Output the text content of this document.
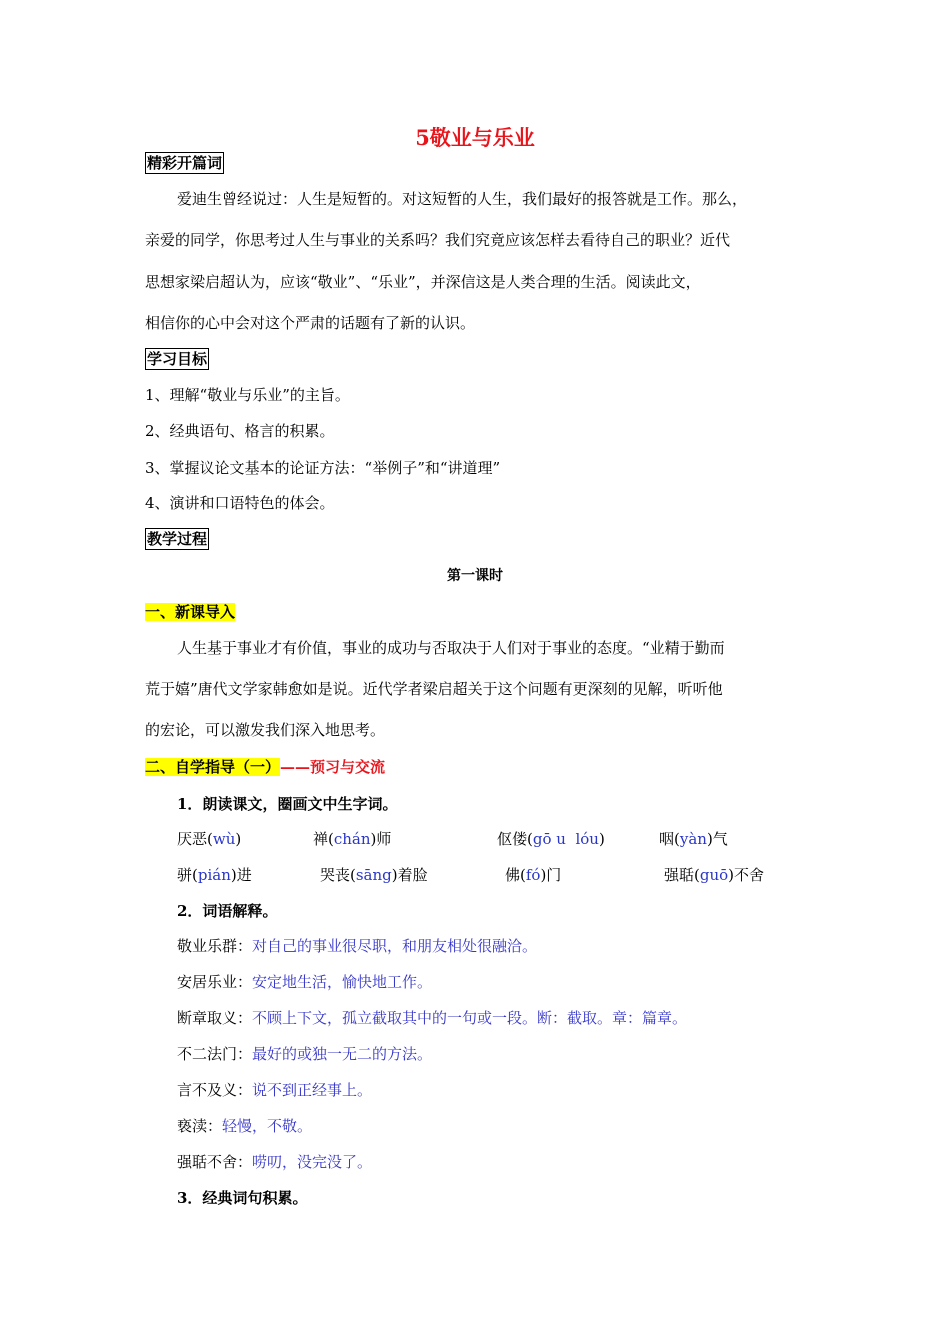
5敬业与乐业
精彩开篇词
爱迪生曾经说过：人生是短暂的。对这短暂的人生，我们最好的报答就是工作。那么，
亲爱的同学，你思考过人生与事业的关系吗？我们究竟应该怎样去看待自己的职业？近代
思想家梁启超认为，应该“敬业”、“乐业”，并深信这是人类合理的生活。阅读此文，
相信你的心中会对这个严肃的话题有了新的认识。
学习目标
1、理解“敬业与乐业”的主旨。
2、经典语句、格言的积累。
3、掌握议论文基本的论证方法：“举例子”和“讲道理”
4、演讲和口语特色的体会。
教学过程
第一课时
一、新课导入
人生基于事业才有价值，事业的成功与否取决于人们对于事业的态度。“业精于勤而
荒于嬉”唐代文学家韩愈如是说。近代学者梁启超关于这个问题有更深刻的见解，听听他
的宏论，可以激发我们深入地思考。
二、自学指导（一）——预习与交流
1．朗读课文，圈画文中生字词。
厌恶(wù)	禅(chán)师	伛偻(gō u  lóu)	咽(yàn)气
骈(pián)进	哭丧(sāng)着脸	佛(fó)门	强聒(guō)不舍
2．词语解释。
敬业乐群：对自己的事业很尽职，和朋友相处很融洽。
安居乐业：安定地生活，愉快地工作。
断章取义：不顾上下文，孤立截取其中的一句或一段。断：截取。章：篇章。
不二法门：最好的或独一无二的方法。
言不及义：说不到正经事上。
亵渎：轻慢，不敬。
强聒不舍：唠叨，没完没了。
3．经典词句积累。
